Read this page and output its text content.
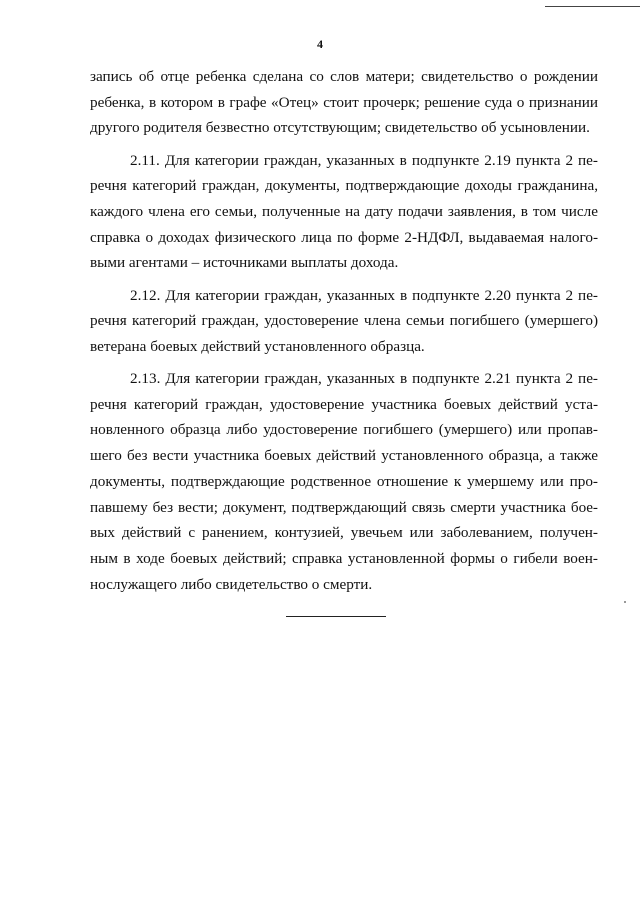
4
запись об отце ребенка сделана со слов матери; свидетельство о рождении
ребенка, в котором в графе «Отец» стоит прочерк; решение суда о признании
другого родителя безвестно отсутствующим; свидетельство об усыновлении.
2.11. Для категории граждан, указанных в подпункте 2.19 пункта 2 пе-
речня категорий граждан, документы, подтверждающие доходы гражданина,
каждого члена его семьи, полученные на дату подачи заявления, в том числе
справка о доходах физического лица по форме 2-НДФЛ, выдаваемая налого-
выми агентами – источниками выплаты дохода.
2.12. Для категории граждан, указанных в подпункте 2.20 пункта 2 пе-
речня категорий граждан, удостоверение члена семьи погибшего (умершего)
ветерана боевых действий установленного образца.
2.13. Для категории граждан, указанных в подпункте 2.21 пункта 2 пе-
речня категорий граждан, удостоверение участника боевых действий уста-
новленного образца либо удостоверение погибшего (умершего) или пропав-
шего без вести участника боевых действий установленного образца, а также
документы, подтверждающие родственное отношение к умершему или про-
павшему без вести; документ, подтверждающий связь смерти участника боe-
вых действий с ранением, контузией, увечьем или заболеванием, получен-
ным в ходе боевых действий; справка установленной формы о гибели воен-
нослужащего либо свидетельство о смерти.
